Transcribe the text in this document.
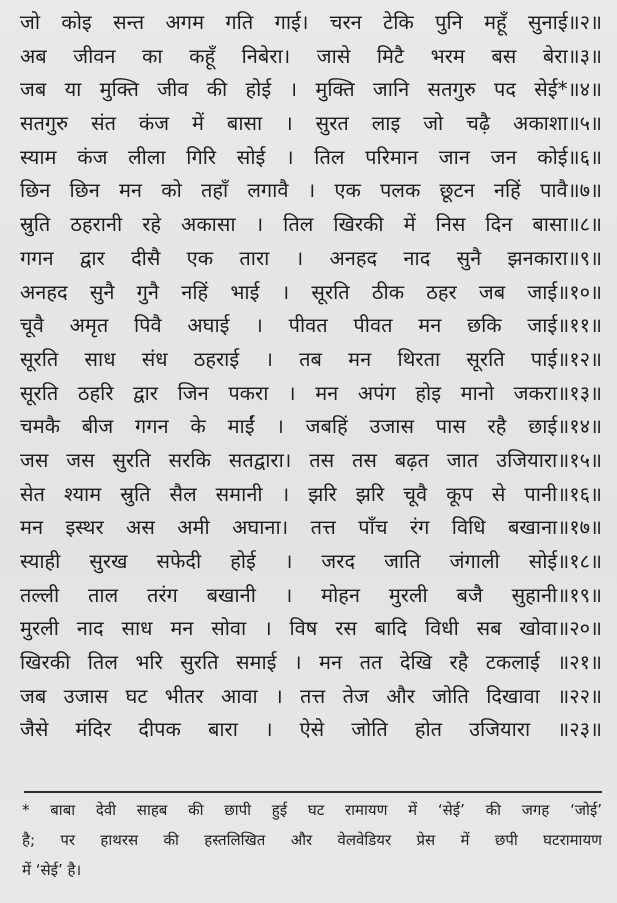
जो कोइ सन्त अगम गति गाई। चरन टेकि पुनि महूँ सुनाई॥२॥
अब जीवन का कहूँ निबेरा। जासे मिटै भरम बस बेरा॥३॥
जब या मुक्ति जीव की होई । मुक्ति जानि सतगुरु पद सेई*॥४॥
सतगुरु संत कंज में बासा । सुरत लाइ जो चढ़ै अकाशा॥५॥
स्याम कंज लीला गिरि सोई । तिल परिमान जान जन कोई॥६॥
छिन छिन मन को तहाँ लगावै । एक पलक छूटन नहिं पावै॥७॥
स्रुति ठहरानी रहे अकासा । तिल खिरकी में निस दिन बासा॥८॥
गगन द्वार दीसै एक तारा । अनहद नाद सुनै झनकारा॥९॥
अनहद सुनै गुनै नहिं भाई । सूरति ठीक ठहर जब जाई॥१०॥
चूवै अमृत पिवै अघाई । पीवत पीवत मन छकि जाई॥११॥
सूरति साध संध ठहराई । तब मन थिरता सूरति पाई॥१२॥
सूरति ठहरि द्वार जिन पकरा । मन अपंग होइ मानो जकरा॥१३॥
चमकै बीज गगन के माईं । जबहिं उजास पास रहै छाई॥१४॥
जस जस सुरति सरकि सतद्वारा। तस तस बढ़त जात उजियारा॥१५॥
सेत श्याम स्रुति सैल समानी । झरि झरि चूवै कूप से पानी॥१६॥
मन इस्थर अस अमी अघाना। तत्त पाँच रंग विधि बखाना॥१७॥
स्याही सुरख सफेदी होई । जरद जाति जंगाली सोई॥१८॥
तल्ली ताल तरंग बखानी । मोहन मुरली बजै सुहानी॥१९॥
मुरली नाद साध मन सोवा । विष रस बादि विधी सब खोवा॥२०॥
खिरकी तिल भरि सुरति समाई । मन तत देखि रहै टकलाई ॥२१॥
जब उजास घट भीतर आवा । तत्त तेज और जोति दिखावा ॥२२॥
जैसे मंदिर दीपक बारा । ऐसे जोति होत उजियारा ॥२३॥
* बाबा देवी साहब की छापी हुई घट रामायण में ‘सेई’ की जगह ‘जोई’
है; पर हाथरस की हस्तलिखित और वेलवेडियर प्रेस में छपी घटरामायण
में ‘सेई’ है।
